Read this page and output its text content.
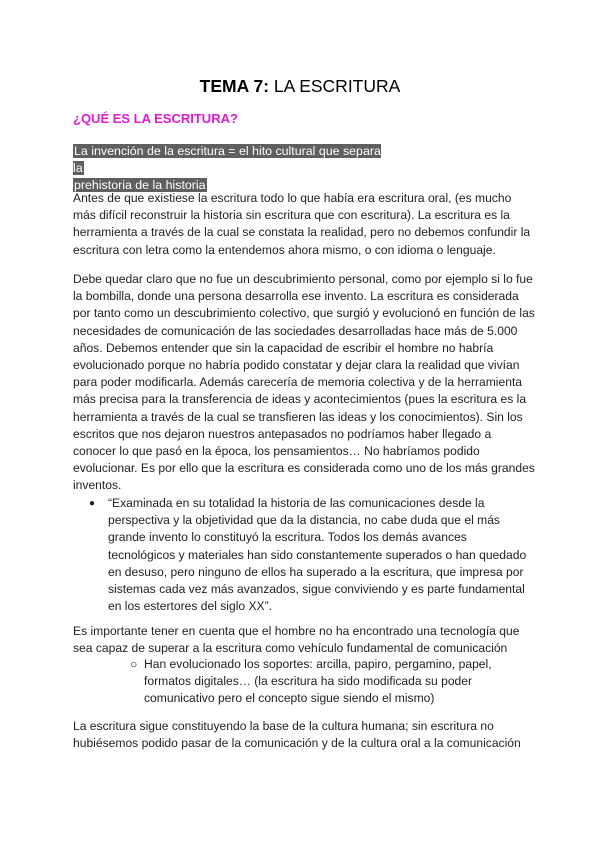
TEMA 7: LA ESCRITURA
¿QUÉ ES LA ESCRITURA?
La invención de la escritura = el hito cultural que separa la
prehistoria de la historia

Antes de que existiese la escritura todo lo que había era escritura oral, (es mucho más difícil reconstruir la historia sin escritura que con escritura). La escritura es la herramienta a través de la cual se constata la realidad, pero no debemos confundir la escritura con letra como la entendemos ahora mismo, o con idioma o lenguaje.

Debe quedar claro que no fue un descubrimiento personal, como por ejemplo si lo fue la bombilla, donde una persona desarrolla ese invento. La escritura es considerada por tanto como un descubrimiento colectivo, que surgió y evolucionó en función de las necesidades de comunicación de las sociedades desarrolladas hace más de 5.000 años. Debemos entender que sin la capacidad de escribir el hombre no habría evolucionado porque no habría podido constatar y dejar clara la realidad que vivían para poder modificarla. Además carecería de memoria colectiva y de la herramienta más precisa para la transferencia de ideas y acontecimientos (pues la escritura es la herramienta a través de la cual se transfieren las ideas y los conocimientos). Sin los escritos que nos dejaron nuestros antepasados no podríamos haber llegado a conocer lo que pasó en la época, los pensamientos… No habríamos podido evolucionar. Es por ello que la escritura es considerada como uno de los más grandes inventos.

● “Examinada en su totalidad la historia de las comunicaciones desde la perspectiva y la objetividad que da la distancia, no cabe duda que el más grande invento lo constituyó la escritura. Todos los demás avances tecnológicos y materiales han sido constantemente superados o han quedado en desuso, pero ninguno de ellos ha superado a la escritura, que impresa por sistemas cada vez más avanzados, sigue conviviendo y es parte fundamental en los estertores del siglo XX”.

Es importante tener en cuenta que el hombre no ha encontrado una tecnología que sea capaz de superar a la escritura como vehículo fundamental de comunicación

○ Han evolucionado los soportes: arcilla, papiro, pergamino, papel, formatos digitales… (la escritura ha sido modificada su poder comunicativo pero el concepto sigue siendo el mismo)

La escritura sigue constituyendo la base de la cultura humana; sin escritura no hubiésemos podido pasar de la comunicación y de la cultura oral a la comunicación
